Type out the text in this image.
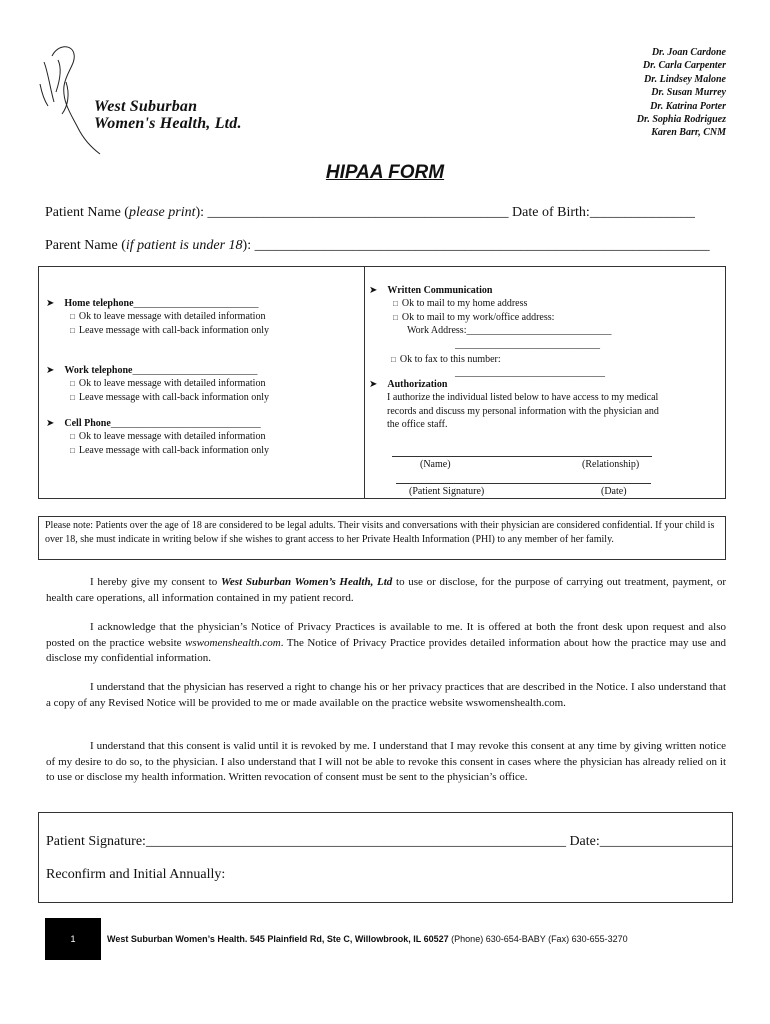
West Suburban
Women's Health, Ltd.
Dr. Joan Cardone
Dr. Carla Carpenter
Dr. Lindsey Malone
Dr. Susan Murrey
Dr. Katrina Porter
Dr. Sophia Rodriguez
Karen Barr, CNM
HIPAA FORM
Patient Name (please print): ___________________________________________ Date of Birth:_______________
Parent Name (if patient is under 18): _________________________________________________________________
➤ Home telephone_________________________
□ Ok to leave message with detailed information
□ Leave message with call-back information only
➤ Work telephone_________________________
□ Ok to leave message with detailed information
□ Leave message with call-back information only
➤ Cell Phone______________________________
□ Ok to leave message with detailed information
□ Leave message with call-back information only
➤ Written Communication
□ Ok to mail to my home address
□ Ok to mail to my work/office address:
Work Address:_____________________________
_____________________________
□ Ok to fax to this number:
______________________________
➤ Authorization
I authorize the individual listed below to have access to my medical records and discuss my personal information with the physician and the office staff.
(Name)	(Relationship)
(Patient Signature)	(Date)
Please note: Patients over the age of 18 are considered to be legal adults. Their visits and conversations with their physician are considered confidential. If your child is over 18, she must indicate in writing below if she wishes to grant access to her Private Health Information (PHI) to any member of her family.
I hereby give my consent to West Suburban Women’s Health, Ltd to use or disclose, for the purpose of carrying out treatment, payment, or health care operations, all information contained in my patient record.
I acknowledge that the physician’s Notice of Privacy Practices is available to me. It is offered at both the front desk upon request and also posted on the practice website wswomenshealth.com. The Notice of Privacy Practice provides detailed information about how the practice may use and disclose my confidential information.
I understand that the physician has reserved a right to change his or her privacy practices that are described in the Notice. I also understand that a copy of any Revised Notice will be provided to me or made available on the practice website wswomenshealth.com.
I understand that this consent is valid until it is revoked by me. I understand that I may revoke this consent at any time by giving written notice of my desire to do so, to the physician. I also understand that I will not be able to revoke this consent in cases where the physician has already relied on it to use or disclose my health information. Written revocation of consent must be sent to the physician’s office.
Patient Signature:____________________________________________________________ Date:___________________
Reconfirm and Initial Annually:
1	West Suburban Women’s Health. 545 Plainfield Rd, Ste C, Willowbrook, IL 60527 (Phone) 630-654-BABY (Fax) 630-655-3270
